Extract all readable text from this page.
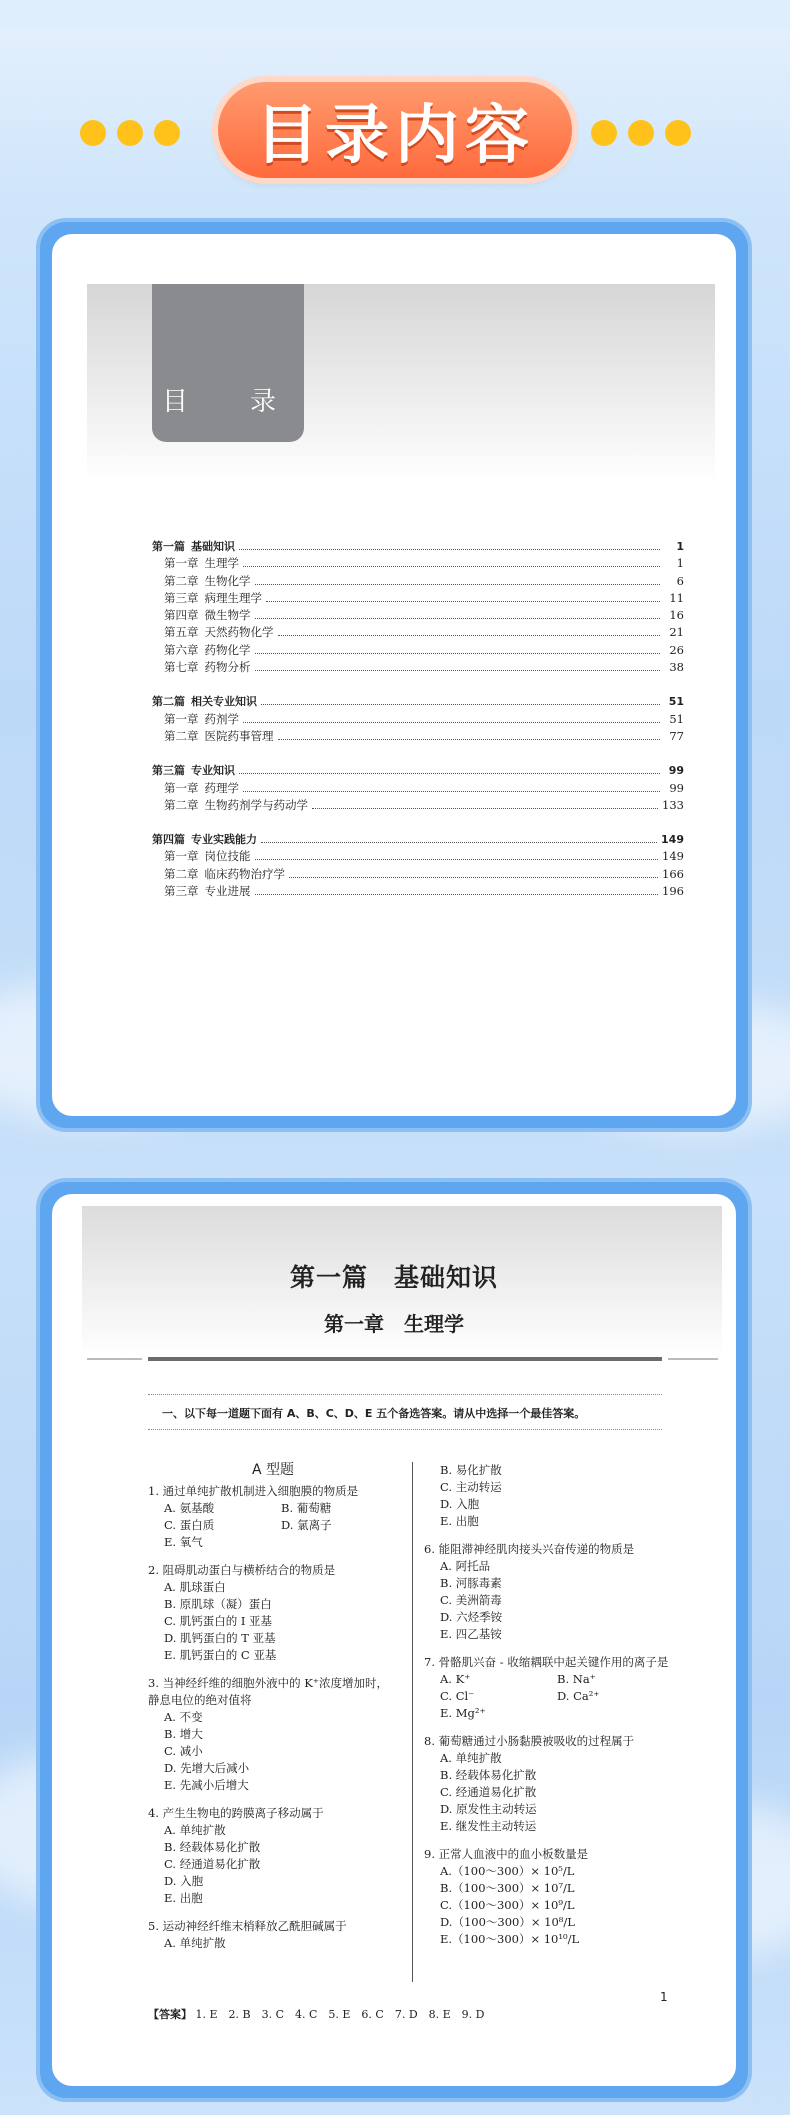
目录内容
目　录
第一篇 基础知识	1
第一章 生理学	1
第二章 生物化学	6
第三章 病理生理学	11
第四章 微生物学	16
第五章 天然药物化学	21
第六章 药物化学	26
第七章 药物分析	38
第二篇 相关专业知识	51
第一章 药剂学	51
第二章 医院药事管理	77
第三篇 专业知识	99
第一章 药理学	99
第二章 生物药剂学与药动学	133
第四篇 专业实践能力	149
第一章 岗位技能	149
第二章 临床药物治疗学	166
第三章 专业进展	196
第一篇　基础知识
第一章　生理学
一、以下每一道题下面有 A、B、C、D、E 五个备选答案。请从中选择一个最佳答案。
A 型题
1. 通过单纯扩散机制进入细胞膜的物质是
A. 氨基酸	B. 葡萄糖
C. 蛋白质	D. 氯离子
E. 氧气
2. 阻碍肌动蛋白与横桥结合的物质是
A. 肌球蛋白
B. 原肌球（凝）蛋白
C. 肌钙蛋白的 I 亚基
D. 肌钙蛋白的 T 亚基
E. 肌钙蛋白的 C 亚基
3. 当神经纤维的细胞外液中的 K⁺浓度增加时，静息电位的绝对值将
A. 不变
B. 增大
C. 减小
D. 先增大后减小
E. 先减小后增大
4. 产生生物电的跨膜离子移动属于
A. 单纯扩散
B. 经载体易化扩散
C. 经通道易化扩散
D. 入胞
E. 出胞
5. 运动神经纤维末梢释放乙酰胆碱属于
A. 单纯扩散
B. 易化扩散
C. 主动转运
D. 入胞
E. 出胞
6. 能阻滞神经肌肉接头兴奋传递的物质是
A. 阿托品
B. 河豚毒素
C. 美洲箭毒
D. 六烃季铵
E. 四乙基铵
7. 骨骼肌兴奋 - 收缩耦联中起关键作用的离子是
A. K⁺	B. Na⁺
C. Cl⁻	D. Ca²⁺
E. Mg²⁺
8. 葡萄糖通过小肠黏膜被吸收的过程属于
A. 单纯扩散
B. 经载体易化扩散
C. 经通道易化扩散
D. 原发性主动转运
E. 继发性主动转运
9. 正常人血液中的血小板数量是
A.（100～300）× 10⁵/L
B.（100～300）× 10⁷/L
C.（100～300）× 10⁹/L
D.（100～300）× 10⁸/L
E.（100～300）× 10¹⁰/L
1
【答案】 1. E　2. B　3. C　4. C　5. E　6. C　7. D　8. E　9. D
